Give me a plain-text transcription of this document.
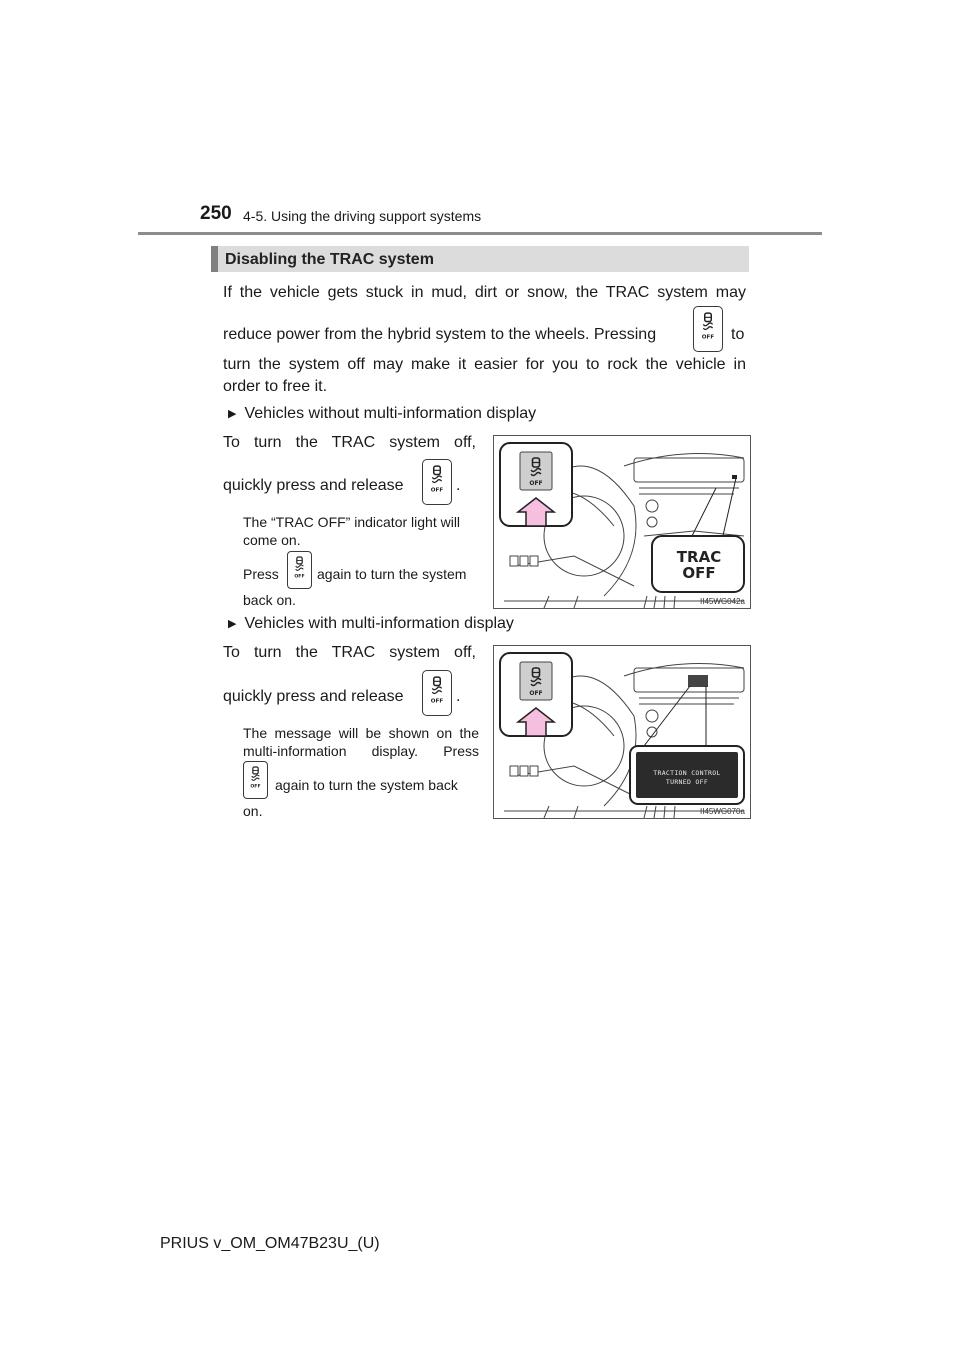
250 4-5. Using the driving support systems
Disabling the TRAC system
If the vehicle gets stuck in mud, dirt or snow, the TRAC system may
reduce power from the hybrid system to the wheels. Pressing	to
turn the system off may make it easier for you to rock the vehicle in
order to free it.
▶ Vehicles without multi-information display
To turn the TRAC system off,
quickly press and release	.
The “TRAC OFF” indicator light will
come on.
Press	again to turn the system
back on.
TRAC
OFF
II45WG042a
▶ Vehicles with multi-information display
To turn the TRAC system off,
quickly press and release	.
The message will be shown on the
multi-information display. Press
again to turn the system back
on.
TRACTION CONTROL
TURNED OFF
II45WG070a
PRIUS v_OM_OM47B23U_(U)
